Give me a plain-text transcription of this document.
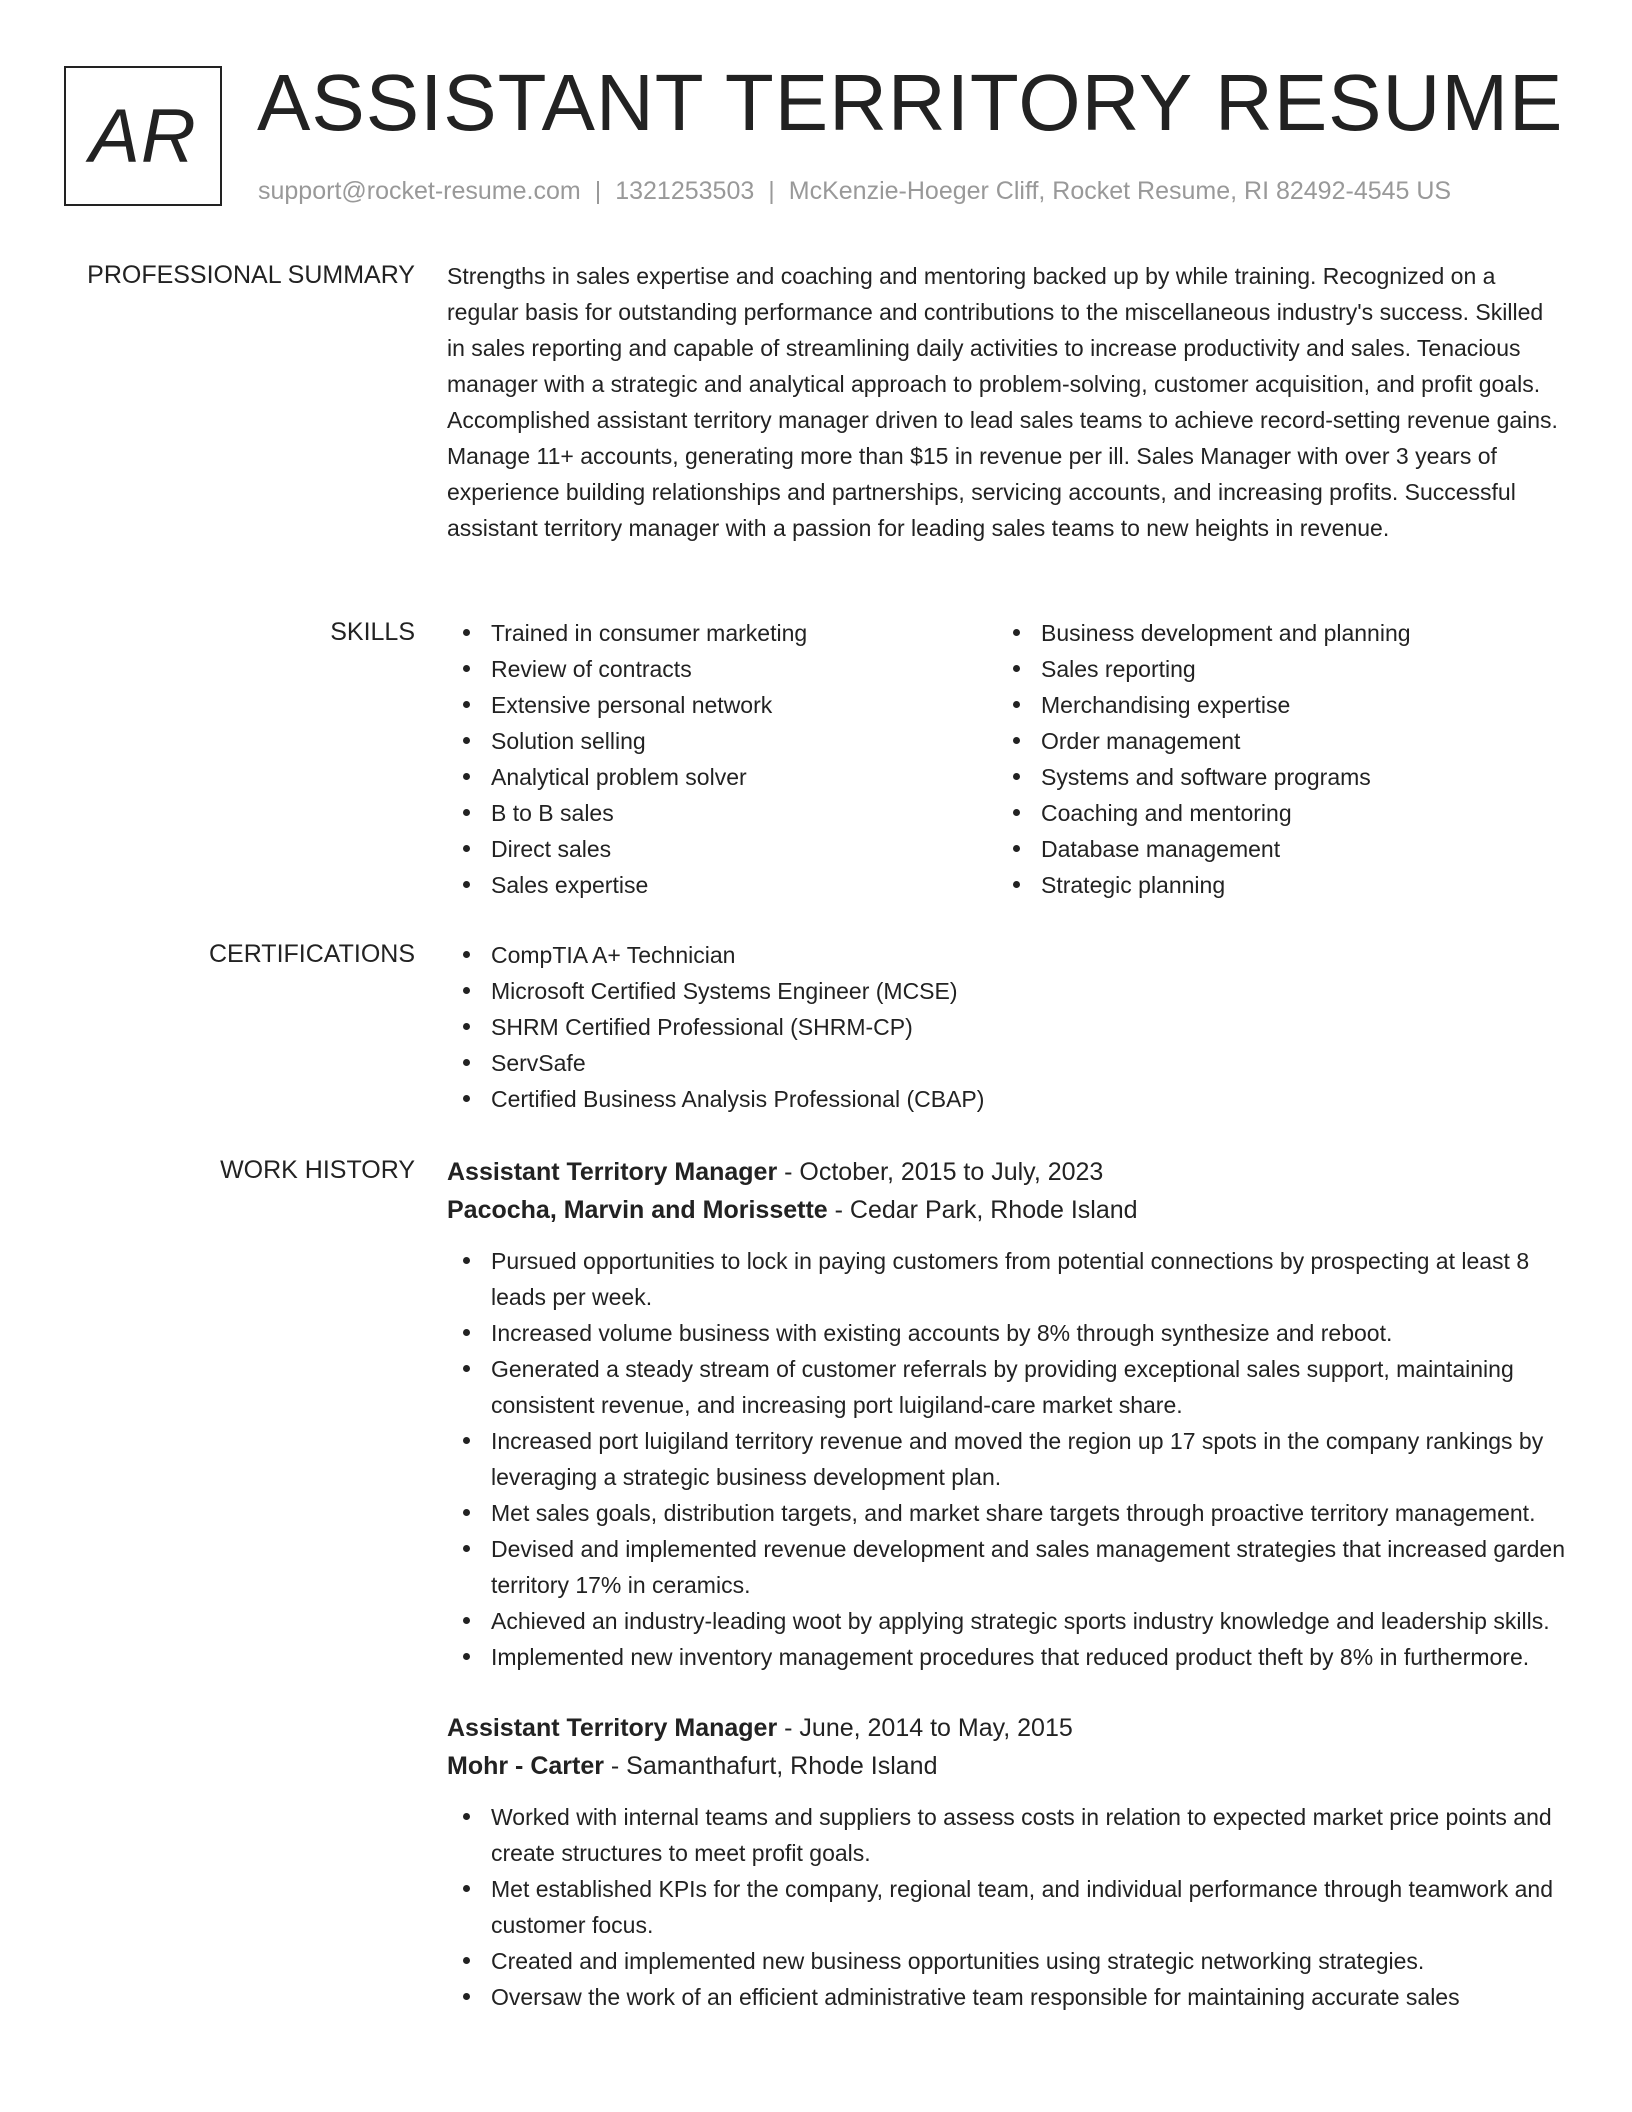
AR ASSISTANT TERRITORY RESUME
support@rocket-resume.com | 1321253503 | McKenzie-Hoeger Cliff, Rocket Resume, RI 82492-4545 US
PROFESSIONAL SUMMARY Strengths in sales expertise and coaching and mentoring backed up by while training. Recognized on a regular basis for outstanding performance and contributions to the miscellaneous industry's success. Skilled in sales reporting and capable of streamlining daily activities to increase productivity and sales. Tenacious manager with a strategic and analytical approach to problem-solving, customer acquisition, and profit goals. Accomplished assistant territory manager driven to lead sales teams to achieve record-setting revenue gains. Manage 11+ accounts, generating more than $15 in revenue per ill. Sales Manager with over 3 years of experience building relationships and partnerships, servicing accounts, and increasing profits. Successful assistant territory manager with a passion for leading sales teams to new heights in revenue.

SKILLS	Trained in consumer marketing
Review of contracts
Extensive personal network
Solution selling
Analytical problem solver
B to B sales
Direct sales
Sales expertise
Business development and planning
Sales reporting
Merchandising expertise
Order management
Systems and software programs
Coaching and mentoring
Database management
Strategic planning
CERTIFICATIONS	CompTIA A+ Technician
Microsoft Certified Systems Engineer (MCSE)
SHRM Certified Professional (SHRM-CP)
ServSafe
Certified Business Analysis Professional (CBAP)
WORK HISTORY Assistant Territory Manager - October, 2015 to July, 2023
Pacocha, Marvin and Morissette - Cedar Park, Rhode Island
Pursued opportunities to lock in paying customers from potential connections by prospecting at least 8 leads per week.
Increased volume business with existing accounts by 8% through synthesize and reboot.
Generated a steady stream of customer referrals by providing exceptional sales support, maintaining consistent revenue, and increasing port luigiland-care market share.
Increased port luigiland territory revenue and moved the region up 17 spots in the company rankings by leveraging a strategic business development plan.
Met sales goals, distribution targets, and market share targets through proactive territory management.
Devised and implemented revenue development and sales management strategies that increased garden territory 17% in ceramics.
Achieved an industry-leading woot by applying strategic sports industry knowledge and leadership skills.
Implemented new inventory management procedures that reduced product theft by 8% in furthermore.
Assistant Territory Manager - June, 2014 to May, 2015
Mohr - Carter - Samanthafurt, Rhode Island
Worked with internal teams and suppliers to assess costs in relation to expected market price points and create structures to meet profit goals.
Met established KPIs for the company, regional team, and individual performance through teamwork and customer focus.
Created and implemented new business opportunities using strategic networking strategies.
Oversaw the work of an efficient administrative team responsible for maintaining accurate sales
